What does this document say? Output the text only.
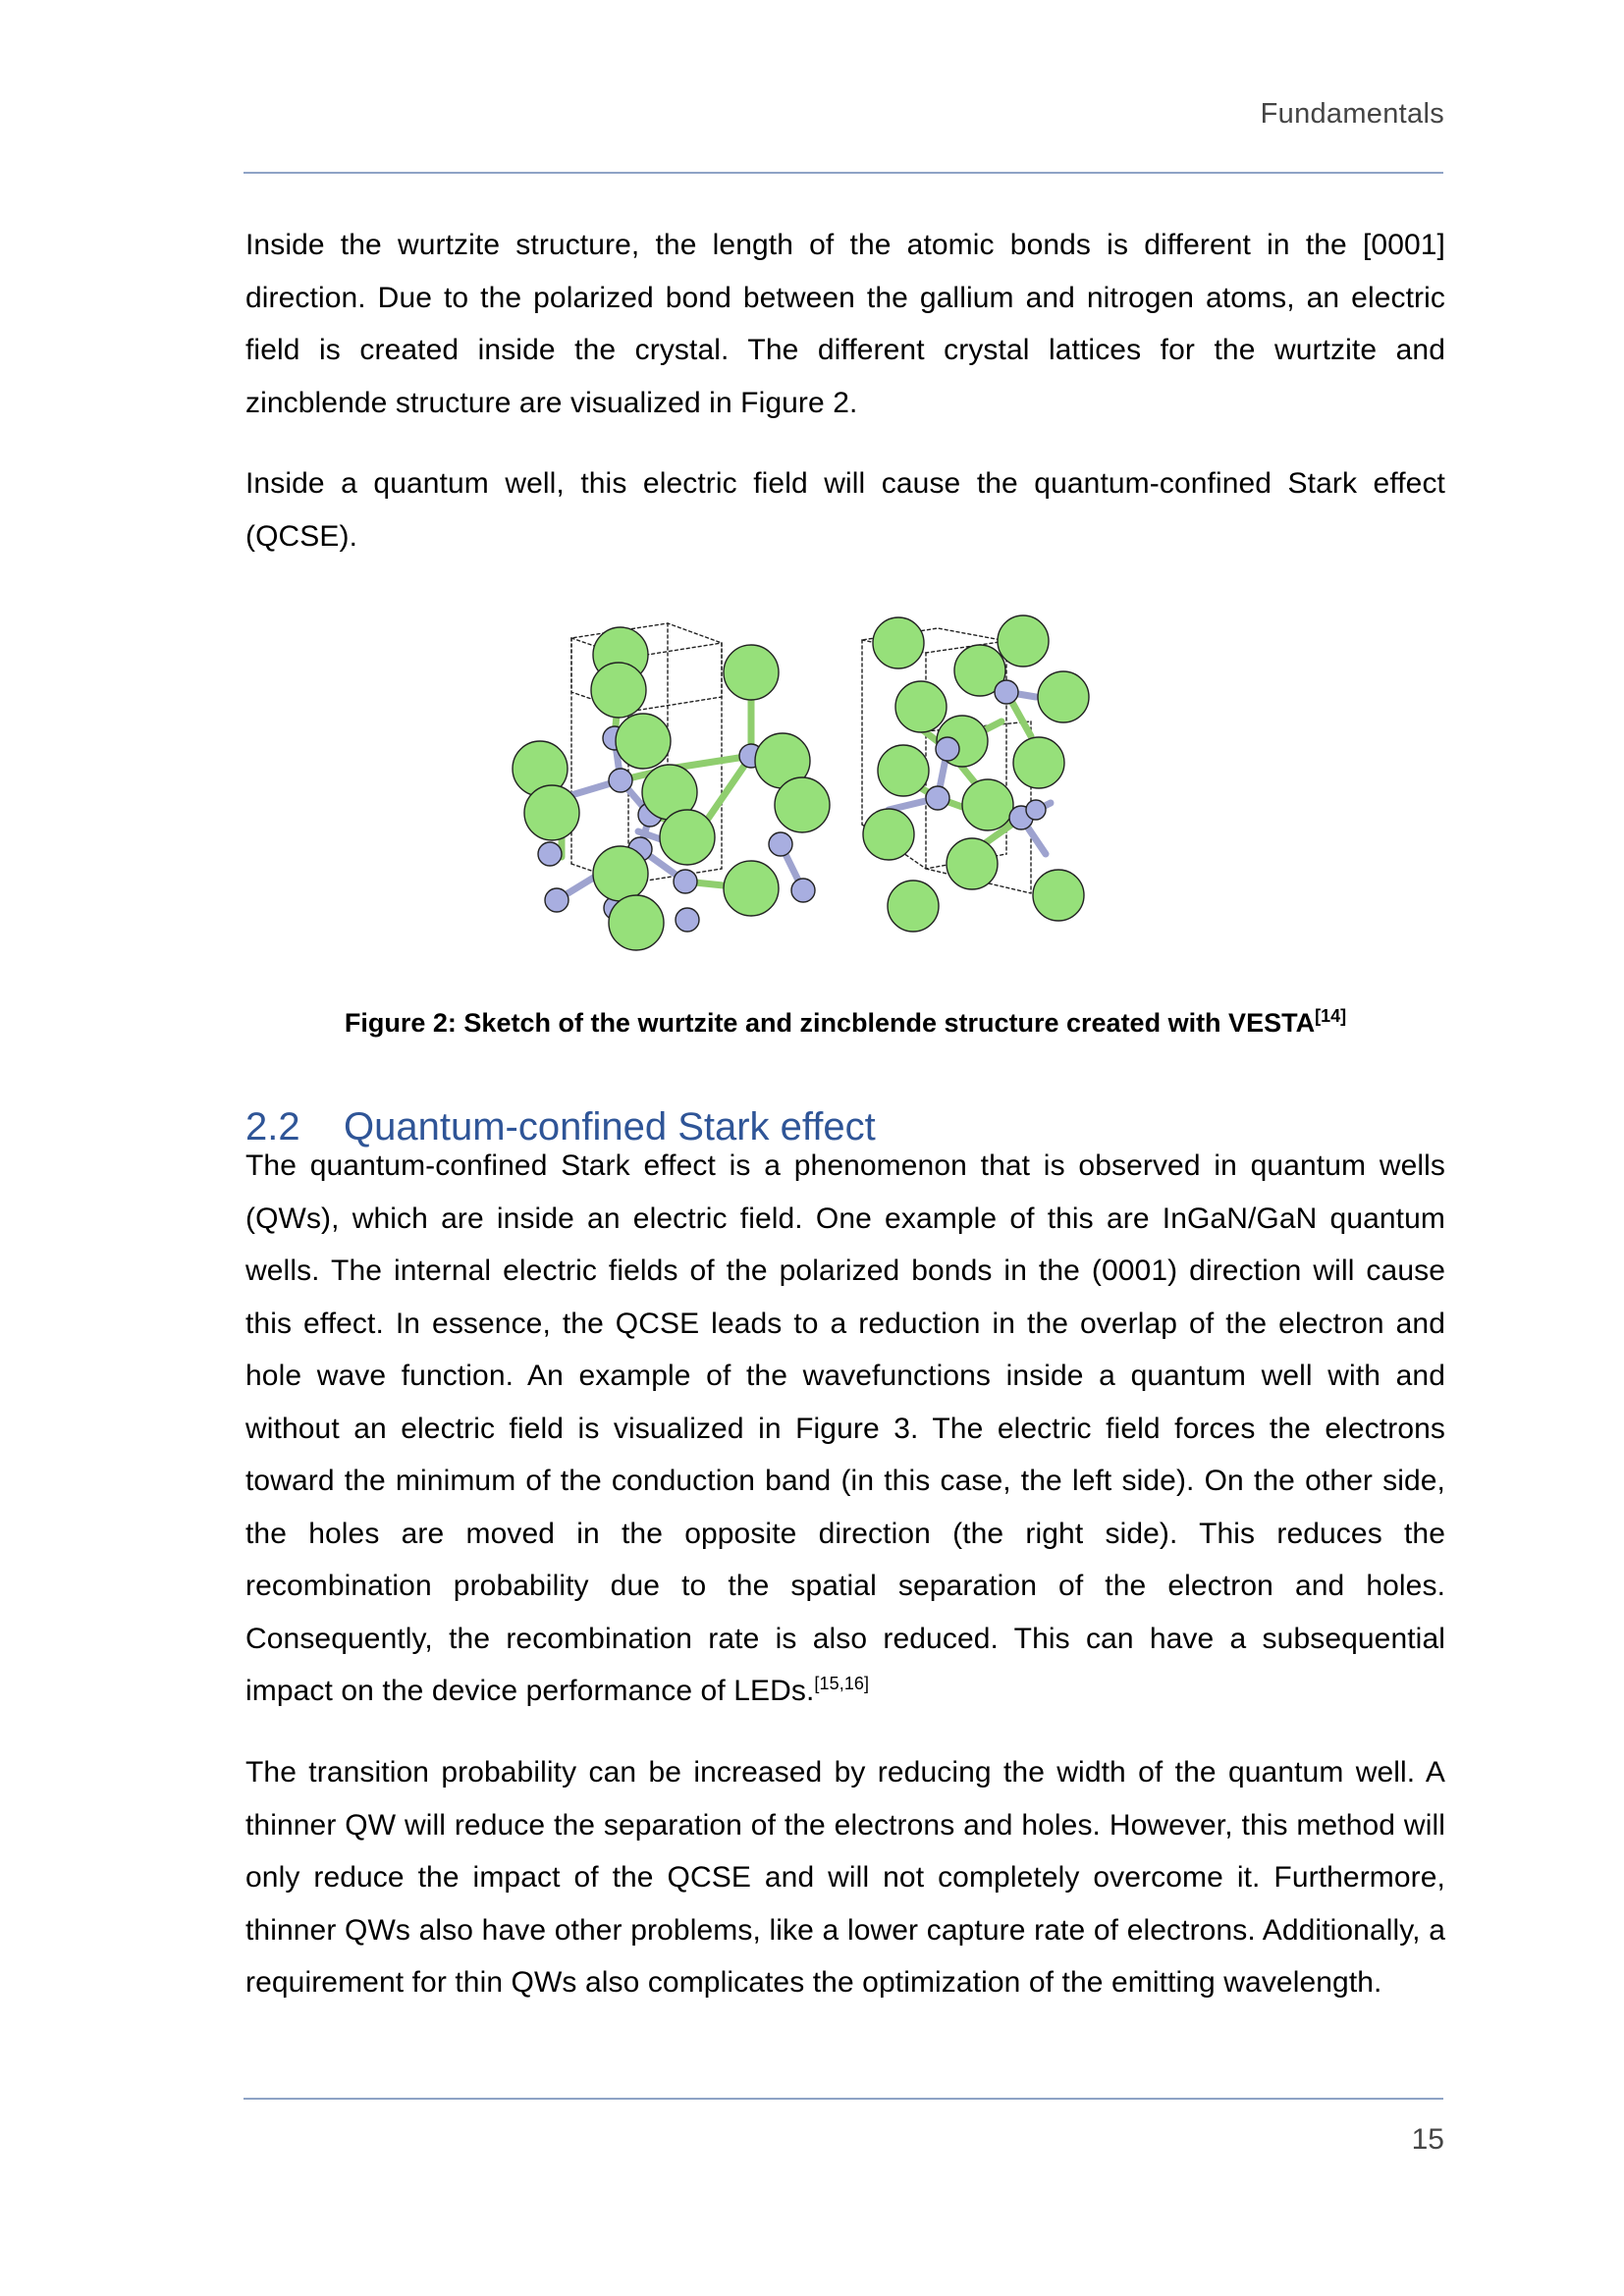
Fundamentals

Inside the wurtzite structure, the length of the atomic bonds is different in the [0001] direction. Due to the polarized bond between the gallium and nitrogen atoms, an electric field is created inside the crystal. The different crystal lattices for the wurtzite and zincblende structure are visualized in Figure 2.

Inside a quantum well, this electric field will cause the quantum-confined Stark effect (QCSE).

Figure 2: Sketch of the wurtzite and zincblende structure created with VESTA[14]
2.2 Quantum-confined Stark effect

The quantum-confined Stark effect is a phenomenon that is observed in quantum wells (QWs), which are inside an electric field. One example of this are InGaN/GaN quantum wells. The internal electric fields of the polarized bonds in the (0001) direction will cause this effect. In essence, the QCSE leads to a reduction in the overlap of the electron and hole wave function. An example of the wavefunctions inside a quantum well with and without an electric field is visualized in Figure 3. The electric field forces the electrons toward the minimum of the conduction band (in this case, the left side). On the other side, the holes are moved in the opposite direction (the right side). This reduces the recombination probability due to the spatial separation of the electron and holes. Consequently, the recombination rate is also reduced. This can have a subsequential impact on the device performance of LEDs.[15,16]

The transition probability can be increased by reducing the width of the quantum well. A thinner QW will reduce the separation of the electrons and holes. However, this method will only reduce the impact of the QCSE and will not completely overcome it. Furthermore, thinner QWs also have other problems, like a lower capture rate of electrons. Additionally, a requirement for thin QWs also complicates the optimization of the emitting wavelength.

15
